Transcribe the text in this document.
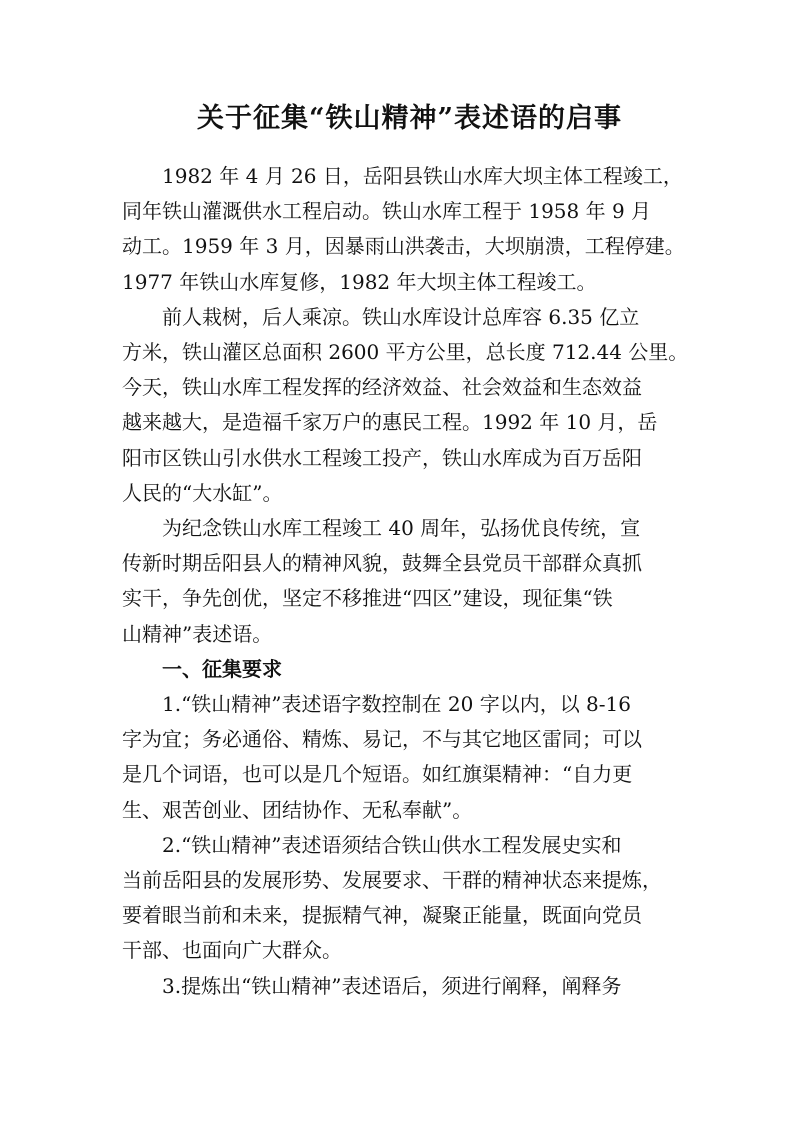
关于征集“铁山精神”表述语的启事
1982 年 4 月 26 日，岳阳县铁山水库大坝主体工程竣工，
同年铁山灌溉供水工程启动。铁山水库工程于 1958 年 9 月
动工。1959 年 3 月，因暴雨山洪袭击，大坝崩溃，工程停建。
1977 年铁山水库复修，1982 年大坝主体工程竣工。
前人栽树，后人乘凉。铁山水库设计总库容 6.35 亿立
方米，铁山灌区总面积 2600 平方公里，总长度 712.44 公里。
今天，铁山水库工程发挥的经济效益、社会效益和生态效益
越来越大，是造福千家万户的惠民工程。1992 年 10 月，岳
阳市区铁山引水供水工程竣工投产，铁山水库成为百万岳阳
人民的“大水缸”。
为纪念铁山水库工程竣工 40 周年，弘扬优良传统，宣
传新时期岳阳县人的精神风貌，鼓舞全县党员干部群众真抓
实干，争先创优，坚定不移推进“四区”建设，现征集“铁
山精神”表述语。
一、征集要求
1.“铁山精神”表述语字数控制在 20 字以内，以 8-16
字为宜；务必通俗、精炼、易记，不与其它地区雷同；可以
是几个词语，也可以是几个短语。如红旗渠精神：“自力更
生、艰苦创业、团结协作、无私奉献”。
2.“铁山精神”表述语须结合铁山供水工程发展史实和
当前岳阳县的发展形势、发展要求、干群的精神状态来提炼，
要着眼当前和未来，提振精气神，凝聚正能量，既面向党员
干部、也面向广大群众。
3.提炼出“铁山精神”表述语后，须进行阐释，阐释务
